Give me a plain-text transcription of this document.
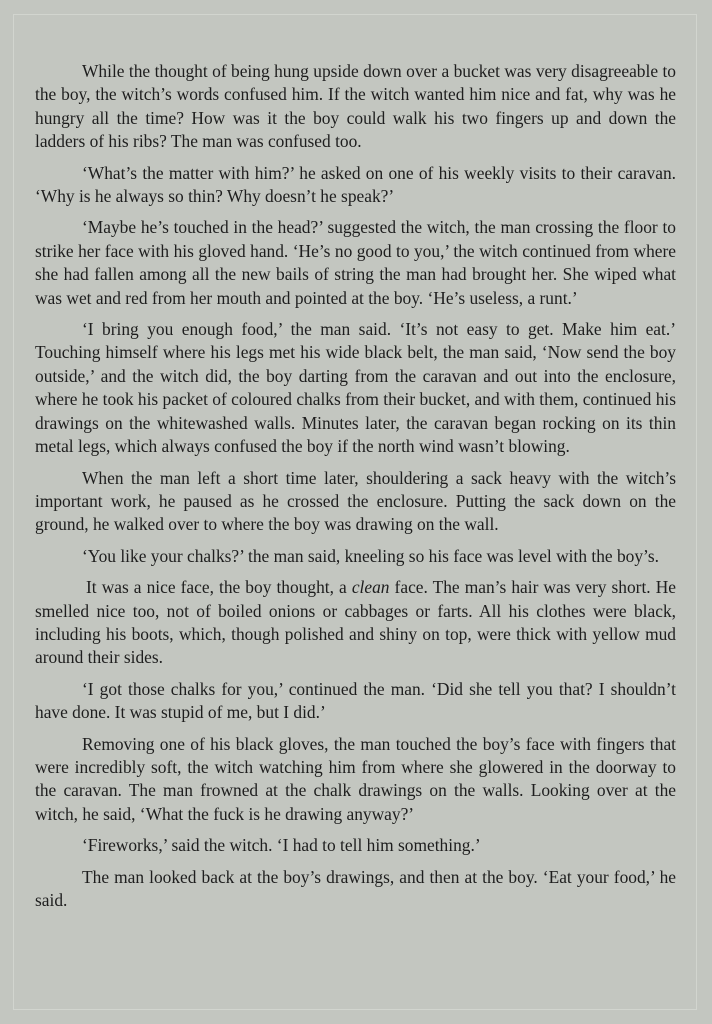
While the thought of being hung upside down over a bucket was very disagreeable to the boy, the witch’s words confused him. If the witch wanted him nice and fat, why was he hungry all the time? How was it the boy could walk his two fingers up and down the ladders of his ribs? The man was confused too.

‘What’s the matter with him?’ he asked on one of his weekly visits to their caravan. ‘Why is he always so thin? Why doesn’t he speak?’

‘Maybe he’s touched in the head?’ suggested the witch, the man crossing the floor to strike her face with his gloved hand. ‘He’s no good to you,’ the witch continued from where she had fallen among all the new bails of string the man had brought her. She wiped what was wet and red from her mouth and pointed at the boy. ‘He’s useless, a runt.’

‘I bring you enough food,’ the man said. ‘It’s not easy to get. Make him eat.’ Touching himself where his legs met his wide black belt, the man said, ‘Now send the boy outside,’ and the witch did, the boy darting from the caravan and out into the enclosure, where he took his packet of coloured chalks from their bucket, and with them, continued his drawings on the whitewashed walls. Minutes later, the caravan began rocking on its thin metal legs, which always confused the boy if the north wind wasn’t blowing.

When the man left a short time later, shouldering a sack heavy with the witch’s important work, he paused as he crossed the enclosure. Putting the sack down on the ground, he walked over to where the boy was drawing on the wall.

‘You like your chalks?’ the man said, kneeling so his face was level with the boy’s.

It was a nice face, the boy thought, a clean face. The man’s hair was very short. He smelled nice too, not of boiled onions or cabbages or farts. All his clothes were black, including his boots, which, though polished and shiny on top, were thick with yellow mud around their sides.

‘I got those chalks for you,’ continued the man. ‘Did she tell you that? I shouldn’t have done. It was stupid of me, but I did.’

Removing one of his black gloves, the man touched the boy’s face with fingers that were incredibly soft, the witch watching him from where she glowered in the doorway to the caravan. The man frowned at the chalk drawings on the walls. Looking over at the witch, he said, ‘What the fuck is he drawing anyway?’

‘Fireworks,’ said the witch. ‘I had to tell him something.’

The man looked back at the boy’s drawings, and then at the boy. ‘Eat your food,’ he said.
